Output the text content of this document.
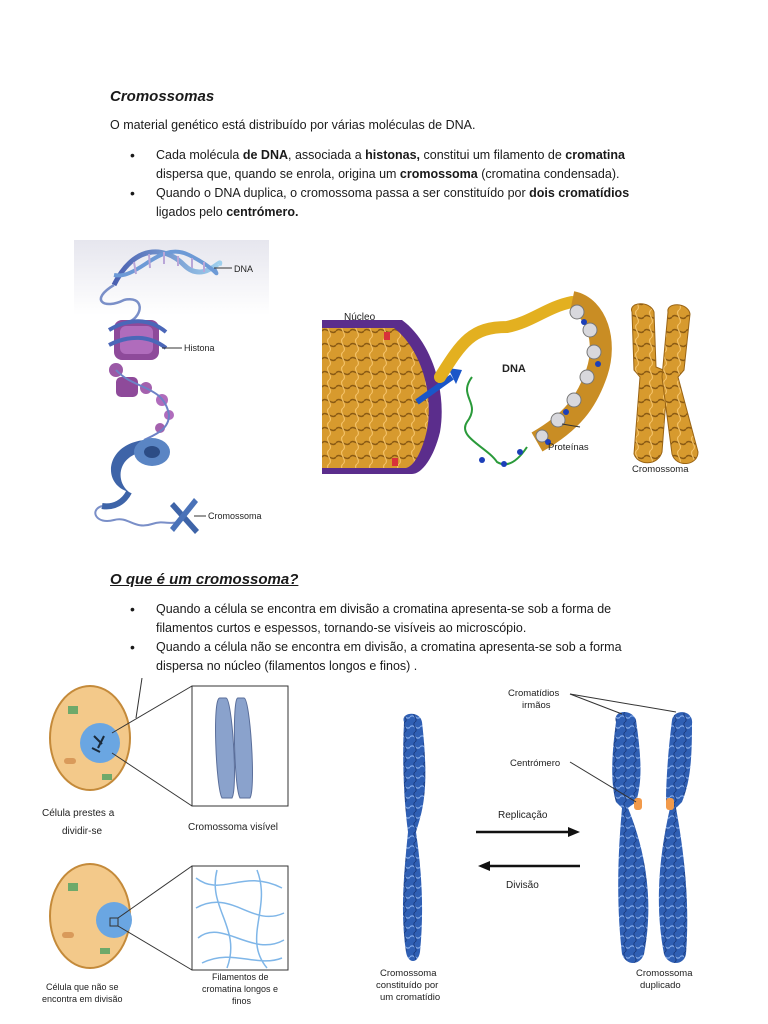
Cromossomas
O material genético está distribuído por várias moléculas de DNA.
• Cada molécula de DNA, associada a histonas, constitui um filamento de cromatina dispersa que, quando se enrola, origina um cromossoma (cromatina condensada).
• Quando o DNA duplica, o cromossoma passa a ser constituído por dois cromatídios ligados pelo centrómero.
DNA
Histona
Cromossoma
Núcleo
DNA
Proteínas
Cromossoma
O que é um cromossoma?
• Quando a célula se encontra em divisão a cromatina apresenta-se sob a forma de filamentos curtos e espessos, tornando-se visíveis ao microscópio.
• Quando a célula não se encontra em divisão, a cromatina apresenta-se sob a forma dispersa no núcleo (filamentos longos e finos) .
Célula prestes a
dividir-se	Cromossoma visível
Célula que não se
encontra em divisão
Filamentos de
cromatina longos e
finos
Cromossoma
constituído por
um cromatídio
Replicação
Divisão
Cromatídios
irmãos
Centrómero
Cromossoma
duplicado
